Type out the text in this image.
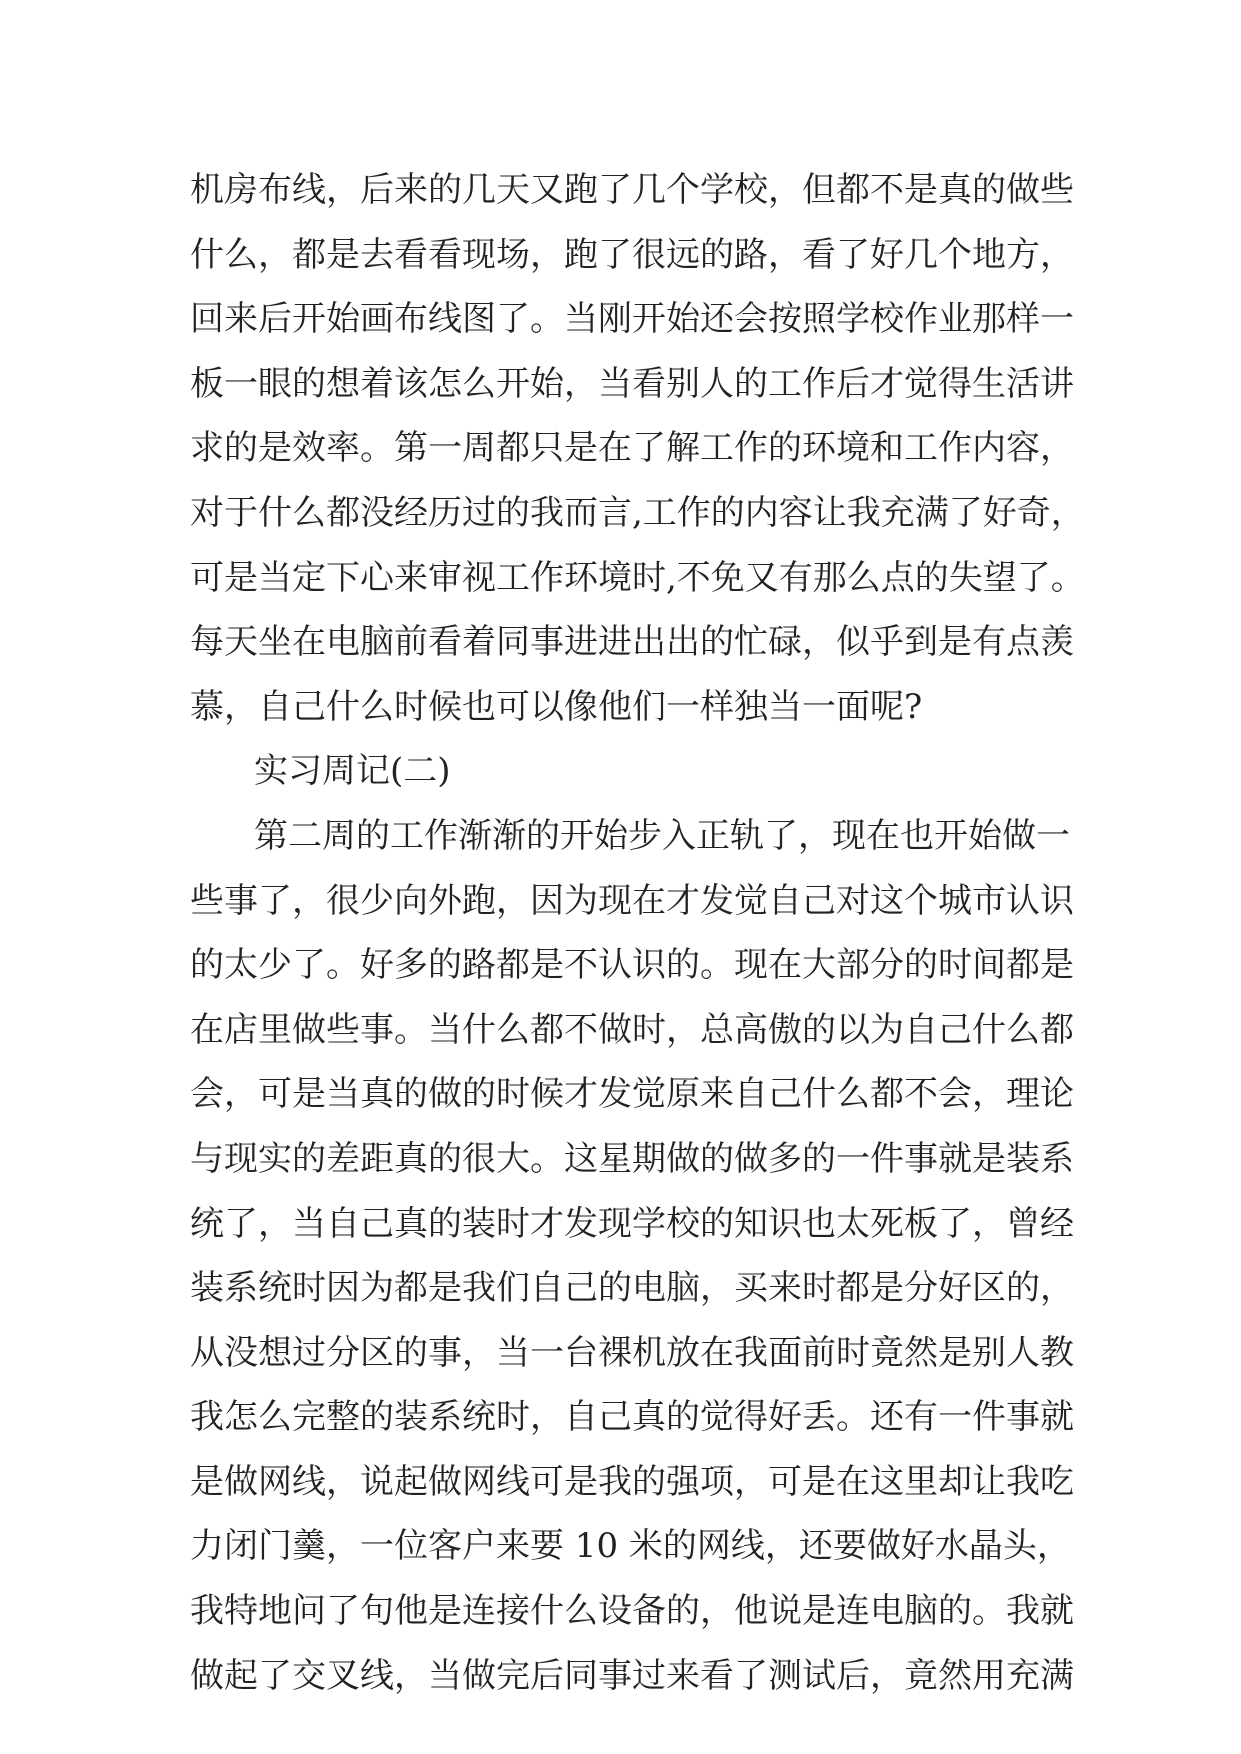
机房布线，后来的几天又跑了几个学校，但都不是真的做些
什么，都是去看看现场，跑了很远的路，看了好几个地方，
回来后开始画布线图了。当刚开始还会按照学校作业那样一
板一眼的想着该怎么开始，当看别人的工作后才觉得生活讲
求的是效率。第一周都只是在了解工作的环境和工作内容，
对于什么都没经历过的我而言,工作的内容让我充满了好奇，
可是当定下心来审视工作环境时,不免又有那么点的失望了。
每天坐在电脑前看着同事进进出出的忙碌，似乎到是有点羡
慕，自己什么时候也可以像他们一样独当一面呢?
实习周记(二)
第二周的工作渐渐的开始步入正轨了，现在也开始做一
些事了，很少向外跑，因为现在才发觉自己对这个城市认识
的太少了。好多的路都是不认识的。现在大部分的时间都是
在店里做些事。当什么都不做时，总高傲的以为自己什么都
会，可是当真的做的时候才发觉原来自己什么都不会，理论
与现实的差距真的很大。这星期做的做多的一件事就是装系
统了，当自己真的装时才发现学校的知识也太死板了，曾经
装系统时因为都是我们自己的电脑，买来时都是分好区的，
从没想过分区的事，当一台裸机放在我面前时竟然是别人教
我怎么完整的装系统时，自己真的觉得好丢。还有一件事就
是做网线，说起做网线可是我的强项，可是在这里却让我吃
力闭门羹，一位客户来要 10 米的网线，还要做好水晶头，
我特地问了句他是连接什么设备的，他说是连电脑的。我就
做起了交叉线，当做完后同事过来看了测试后，竟然用充满
